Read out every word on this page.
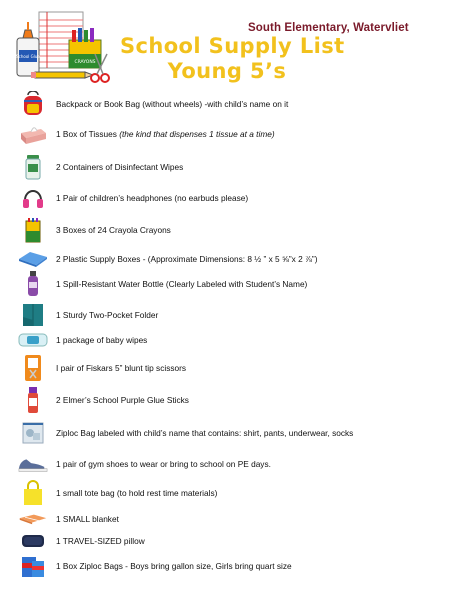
School Glue
CRAYONS
South Elementary, Watervliet
School Supply List
Young 5’s
Backpack or Book Bag (without wheels) -with child’s name on it
1 Box of Tissues (the kind that dispenses 1 tissue at a time)
2 Containers of Disinfectant Wipes
1 Pair of children’s headphones (no earbuds please)
3 Boxes of 24 Crayola Crayons
2 Plastic Supply Boxes - (Approximate Dimensions: 8 ½ ” x 5 ⅝”x 2 ⅞”)
1 Spill-Resistant Water Bottle (Clearly Labeled with Student’s Name)
1 Sturdy Two-Pocket Folder
1 package of baby wipes
I pair of Fiskars 5” blunt tip scissors
2 Elmer’s School Purple Glue Sticks
Ziploc Bag labeled with child’s name that contains: shirt, pants, underwear, socks
1 pair of gym shoes to wear or bring to school on PE days.
1 small tote bag (to hold rest time materials)
1 SMALL blanket
1 TRAVEL-SIZED pillow
1 Box Ziploc Bags - Boys bring gallon size, Girls bring quart size
